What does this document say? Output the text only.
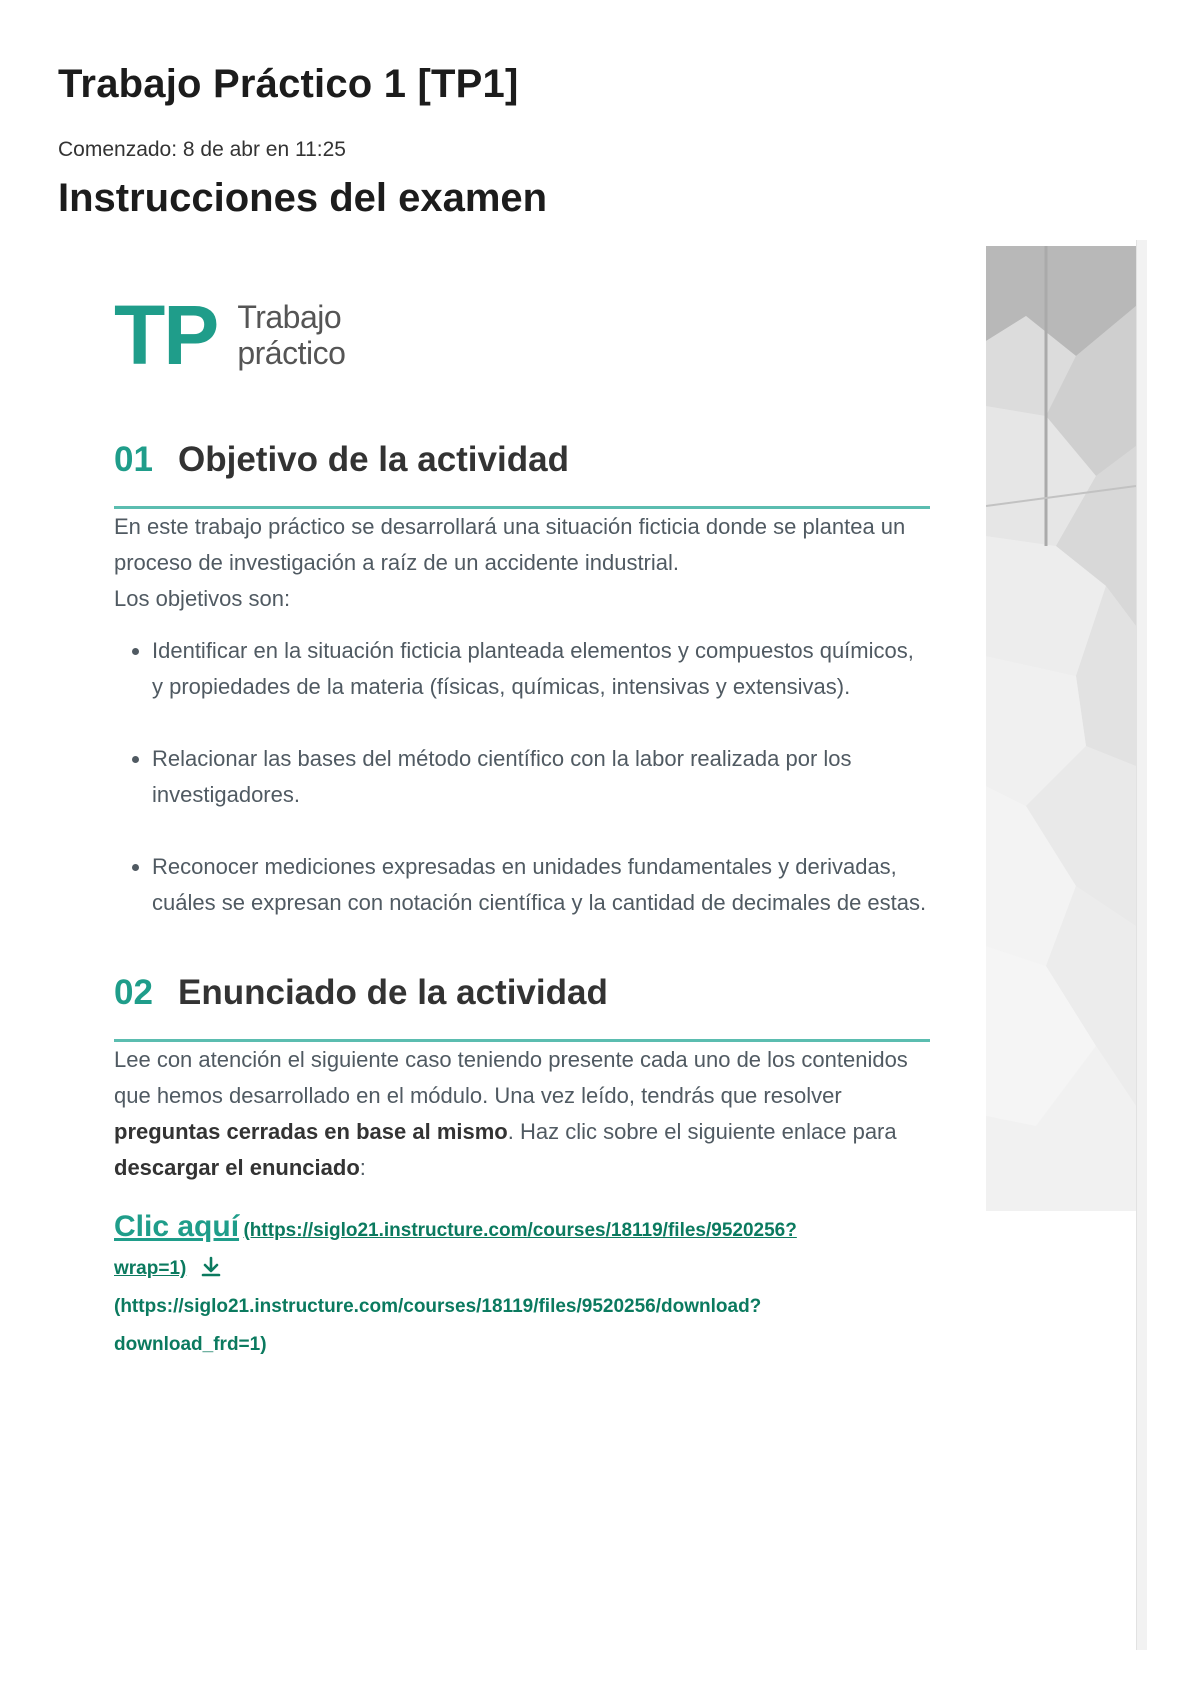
Trabajo Práctico 1 [TP1]
Comenzado: 8 de abr en 11:25
Instrucciones del examen
TP Trabajo
práctico
01 Objetivo de la actividad

En este trabajo práctico se desarrollará una situación ficticia donde se plantea un proceso de investigación a raíz de un accidente industrial.

Los objetivos son:

• Identificar en la situación ficticia planteada elementos y compuestos químicos, y propiedades de la materia (físicas, químicas, intensivas y extensivas).
• Relacionar las bases del método científico con la labor realizada por los investigadores.
• Reconocer mediciones expresadas en unidades fundamentales y derivadas, cuáles se expresan con notación científica y la cantidad de decimales de estas.
02 Enunciado de la actividad

Lee con atención el siguiente caso teniendo presente cada uno de los contenidos que hemos desarrollado en el módulo. Una vez leído, tendrás que resolver preguntas cerradas en base al mismo. Haz clic sobre el siguiente enlace para descargar el enunciado:

Clic aquí (https://siglo21.instructure.com/courses/18119/files/9520256?
wrap=1)
(https://siglo21.instructure.com/courses/18119/files/9520256/download?
download_frd=1)
